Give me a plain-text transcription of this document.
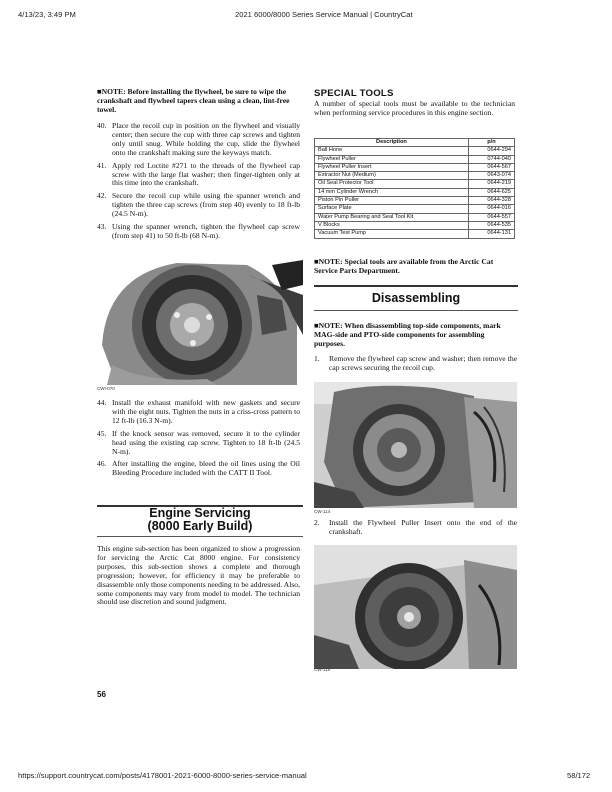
4/13/23, 3:49 PM	2021 6000/8000 Series Service Manual | CountryCat

■NOTE: Before installing the flywheel, be sure to wipe the crankshaft and flywheel tapers clean using a clean, lint-free towel.

40. Place the recoil cup in position on the flywheel and visually center; then secure the cup with three cap screws and tighten only until snug. While holding the cup, slide the flywheel onto the crankshaft making sure the keyways match.
41. Apply red Loctite #271 to the threads of the flywheel cap screw with the large flat washer; then finger-tighten only at this time into the crankshaft.
42. Secure the recoil cup while using the spanner wrench and tighten the three cap screws (from step 40) evenly to 18 ft-lb (24.5 N-m).
43. Using the spanner wrench, tighten the flywheel cap screw (from step 41) to 50 ft-lb (68 N-m).
CWI-070
44. Install the exhaust manifold with new gaskets and secure with the eight nuts. Tighten the nuts in a criss-cross pattern to 12 ft-lb (16.3 N-m).
45. If the knock sensor was removed, secure it to the cylinder head using the existing cap screw. Tighten to 18 ft-lb (24.5 N-m).
46. After installing the engine, bleed the oil lines using the Oil Bleeding Procedure included with the CATT II Tool.
Engine Servicing
(8000 Early Build)

This engine sub-section has been organized to show a progression for servicing the Arctic Cat 8000 engine. For consistency purposes, this sub-section shows a complete and thorough progression; however, for efficiency it may be preferable to disassemble only those components needing to be addressed. Also, some components may vary from model to model. The technician should use discretion and sound judgment.

56
SPECIAL TOOLS

A number of special tools must be available to the technician when performing service procedures in this engine section.

Description	p/n
Ball Hone	0644-294
Flywheel Puller	0744-040
Flywheel Puller Insert	0644-567
Extractor Nut (Medium)	0643-074
Oil Seal Protector Tool	0644-219
14 mm Cylinder Wrench	0644-625
Piston Pin Puller	0644-328
Surface Plate	0644-016
Water Pump Bearing and Seal Tool Kit	0644-557
V Blocks	0644-535
Vacuum Test Pump	0644-131

■NOTE: Special tools are available from the Arctic Cat Service Parts Department.

Disassembling

■NOTE: When disassembling top-side components, mark MAG-side and PTO-side components for assembling purposes.

1. Remove the flywheel cap screw and washer; then remove the cap screws securing the recoil cup.
CW-114
2. Install the Flywheel Puller Insert onto the end of the crankshaft.
CW-115
https://support.countrycat.com/posts/4178001-2021-6000-8000-series-service-manual	58/172
